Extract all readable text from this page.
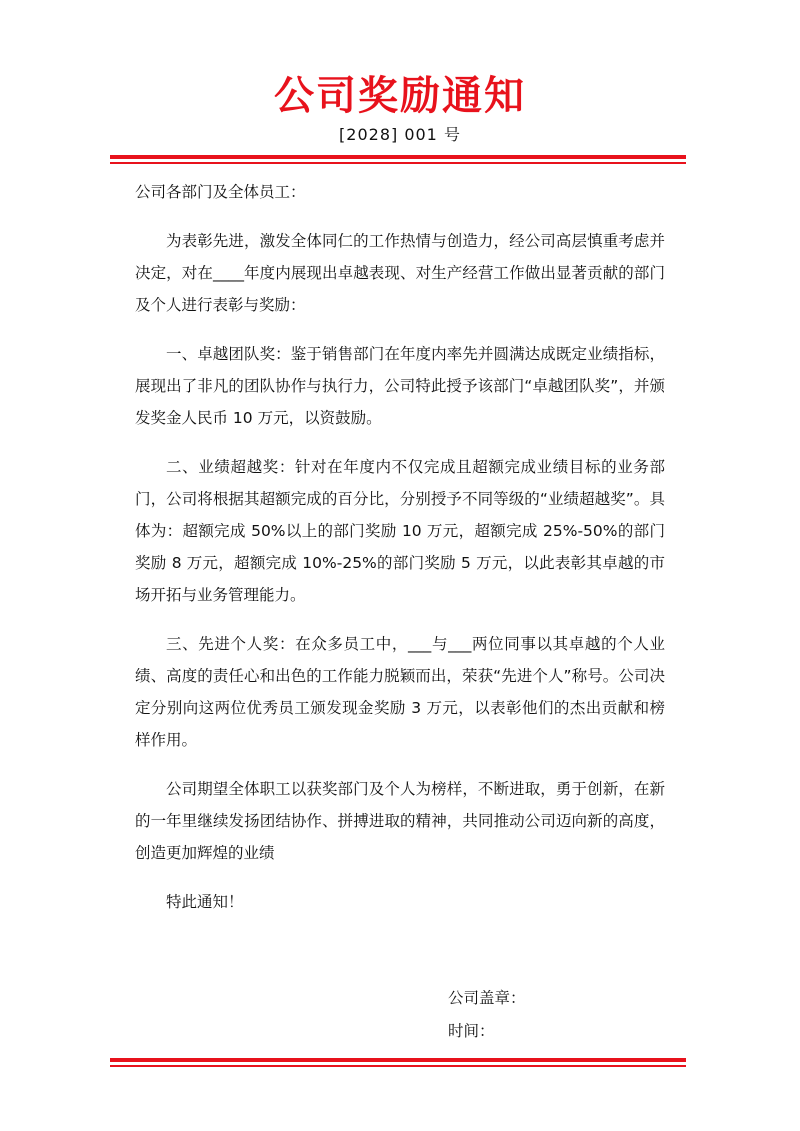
公司奖励通知
[2028] 001 号
公司各部门及全体员工：
为表彰先进，激发全体同仁的工作热情与创造力，经公司高层慎重考虑并决定，对在____年度内展现出卓越表现、对生产经营工作做出显著贡献的部门及个人进行表彰与奖励：
一、卓越团队奖：鉴于销售部门在年度内率先并圆满达成既定业绩指标，展现出了非凡的团队协作与执行力，公司特此授予该部门“卓越团队奖”，并颁发奖金人民币 10 万元，以资鼓励。
二、业绩超越奖：针对在年度内不仅完成且超额完成业绩目标的业务部门，公司将根据其超额完成的百分比，分别授予不同等级的“业绩超越奖”。具体为：超额完成 50%以上的部门奖励 10 万元，超额完成 25%-50%的部门奖励 8 万元，超额完成 10%-25%的部门奖励 5 万元，以此表彰其卓越的市场开拓与业务管理能力。
三、先进个人奖：在众多员工中，___与___两位同事以其卓越的个人业绩、高度的责任心和出色的工作能力脱颖而出，荣获“先进个人”称号。公司决定分别向这两位优秀员工颁发现金奖励 3 万元，以表彰他们的杰出贡献和榜样作用。
公司期望全体职工以获奖部门及个人为榜样，不断进取，勇于创新，在新的一年里继续发扬团结协作、拼搏进取的精神，共同推动公司迈向新的高度，创造更加辉煌的业绩
特此通知！
公司盖章：
时间：
